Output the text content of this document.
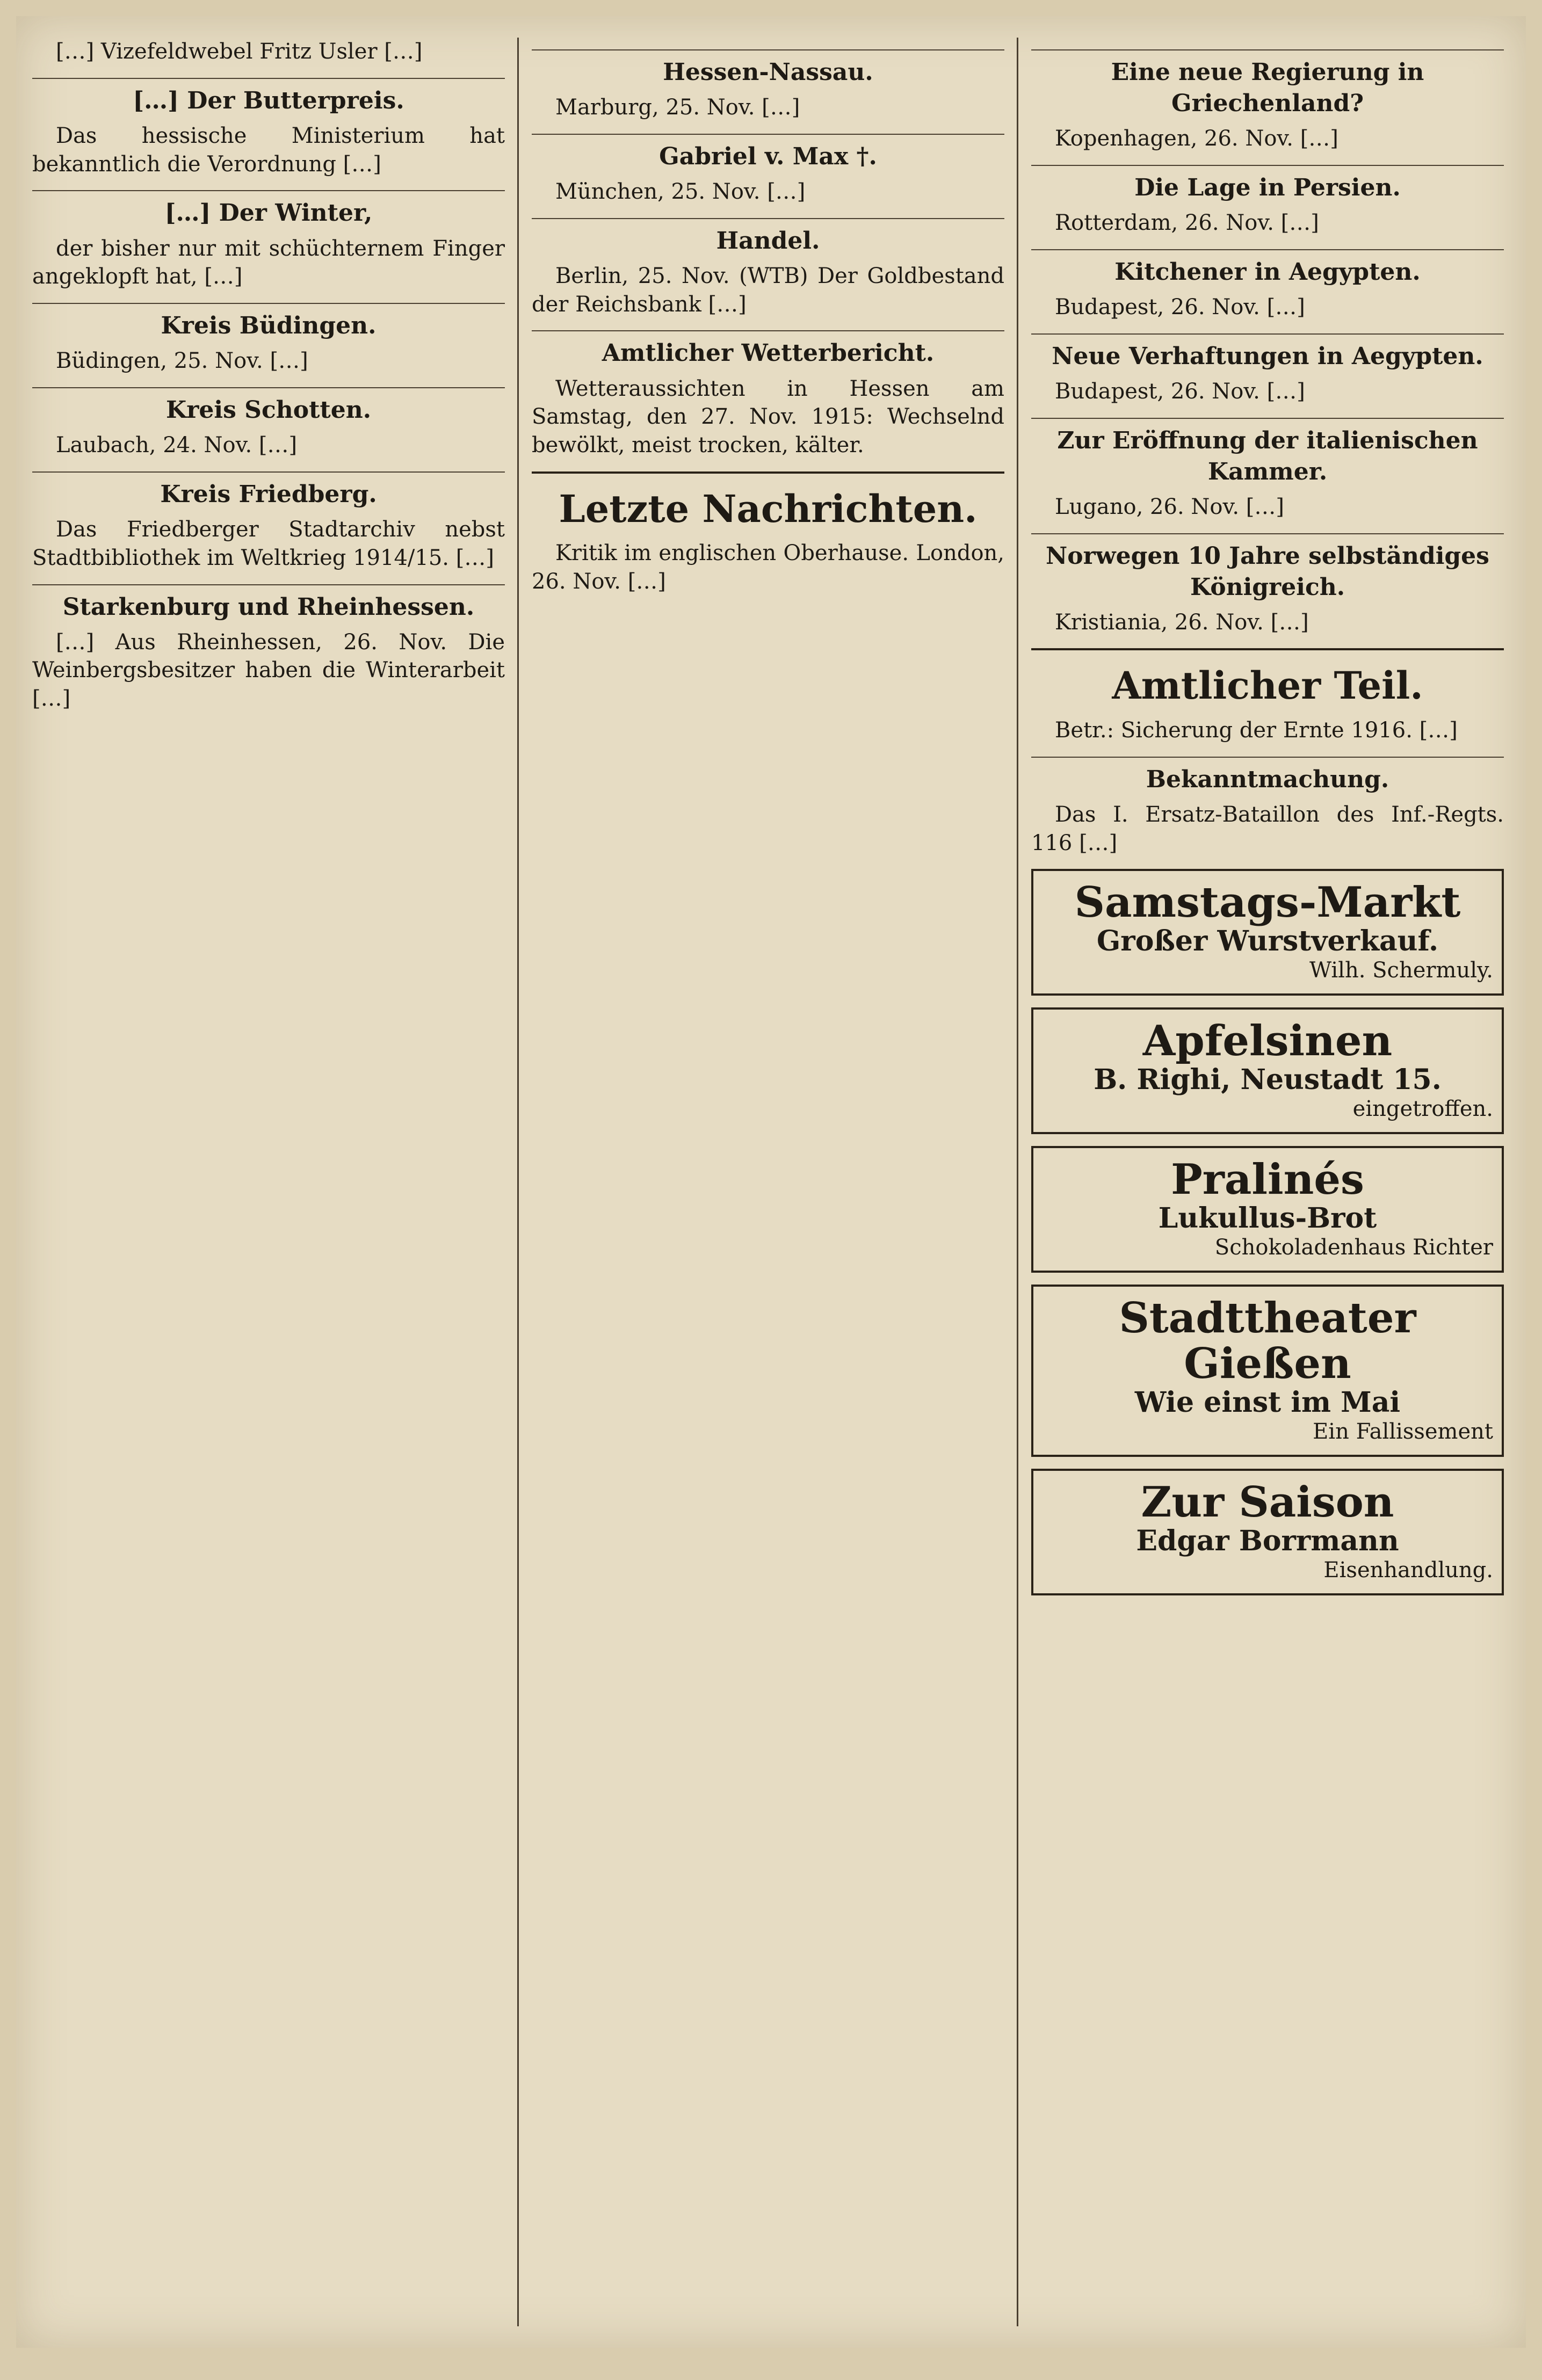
[…] Vizefeldwebel Fritz Usler […]

[…] Der Butterpreis.

Das hessische Ministerium hat bekanntlich die Verordnung […]

[…] Der Winter,

der bisher nur mit schüchternem Finger angeklopft hat, […]

Kreis Büdingen.

Büdingen, 25. Nov. […]

Kreis Schotten.

Laubach, 24. Nov. […]

Kreis Friedberg.

Das Friedberger Stadtarchiv nebst Stadtbibliothek im Weltkrieg 1914/15. […]

Starkenburg und Rheinhessen.

[…] Aus Rheinhessen, 26. Nov. Die Weinbergsbesitzer haben die Winterarbeit […]

Hessen-Nassau.

Marburg, 25. Nov. […]

Gabriel v. Max †.

München, 25. Nov. […]

Handel.

Berlin, 25. Nov. (WTB) Der Goldbestand der Reichsbank […]

Amtlicher Wetterbericht.

Wetteraussichten in Hessen am Samstag, den 27. Nov. 1915: Wechselnd bewölkt, meist trocken, kälter.

Letzte Nachrichten.

Kritik im englischen Oberhause. London, 26. Nov. […]

Eine neue Regierung in Griechenland?

Kopenhagen, 26. Nov. […]

Die Lage in Persien.

Rotterdam, 26. Nov. […]

Kitchener in Aegypten.

Budapest, 26. Nov. […]

Neue Verhaftungen in Aegypten.

Budapest, 26. Nov. […]

Zur Eröffnung der italienischen Kammer.

Lugano, 26. Nov. […]

Norwegen 10 Jahre selbständiges Königreich.

Kristiania, 26. Nov. […]

Amtlicher Teil.

Betr.: Sicherung der Ernte 1916. […]

Bekanntmachung.

Das I. Ersatz-Bataillon des Inf.-Regts. 116 […]

Samstags-Markt
Großer Wurstverkauf.
Wilh. Schermuly.
Apfelsinen
B. Righi, Neustadt 15.
eingetroffen.
Pralinés
Lukullus-Brot
Schokoladenhaus Richter
Stadttheater Gießen
Wie einst im Mai
Ein Fallissement
Zur Saison
Edgar Borrmann
Eisenhandlung.
